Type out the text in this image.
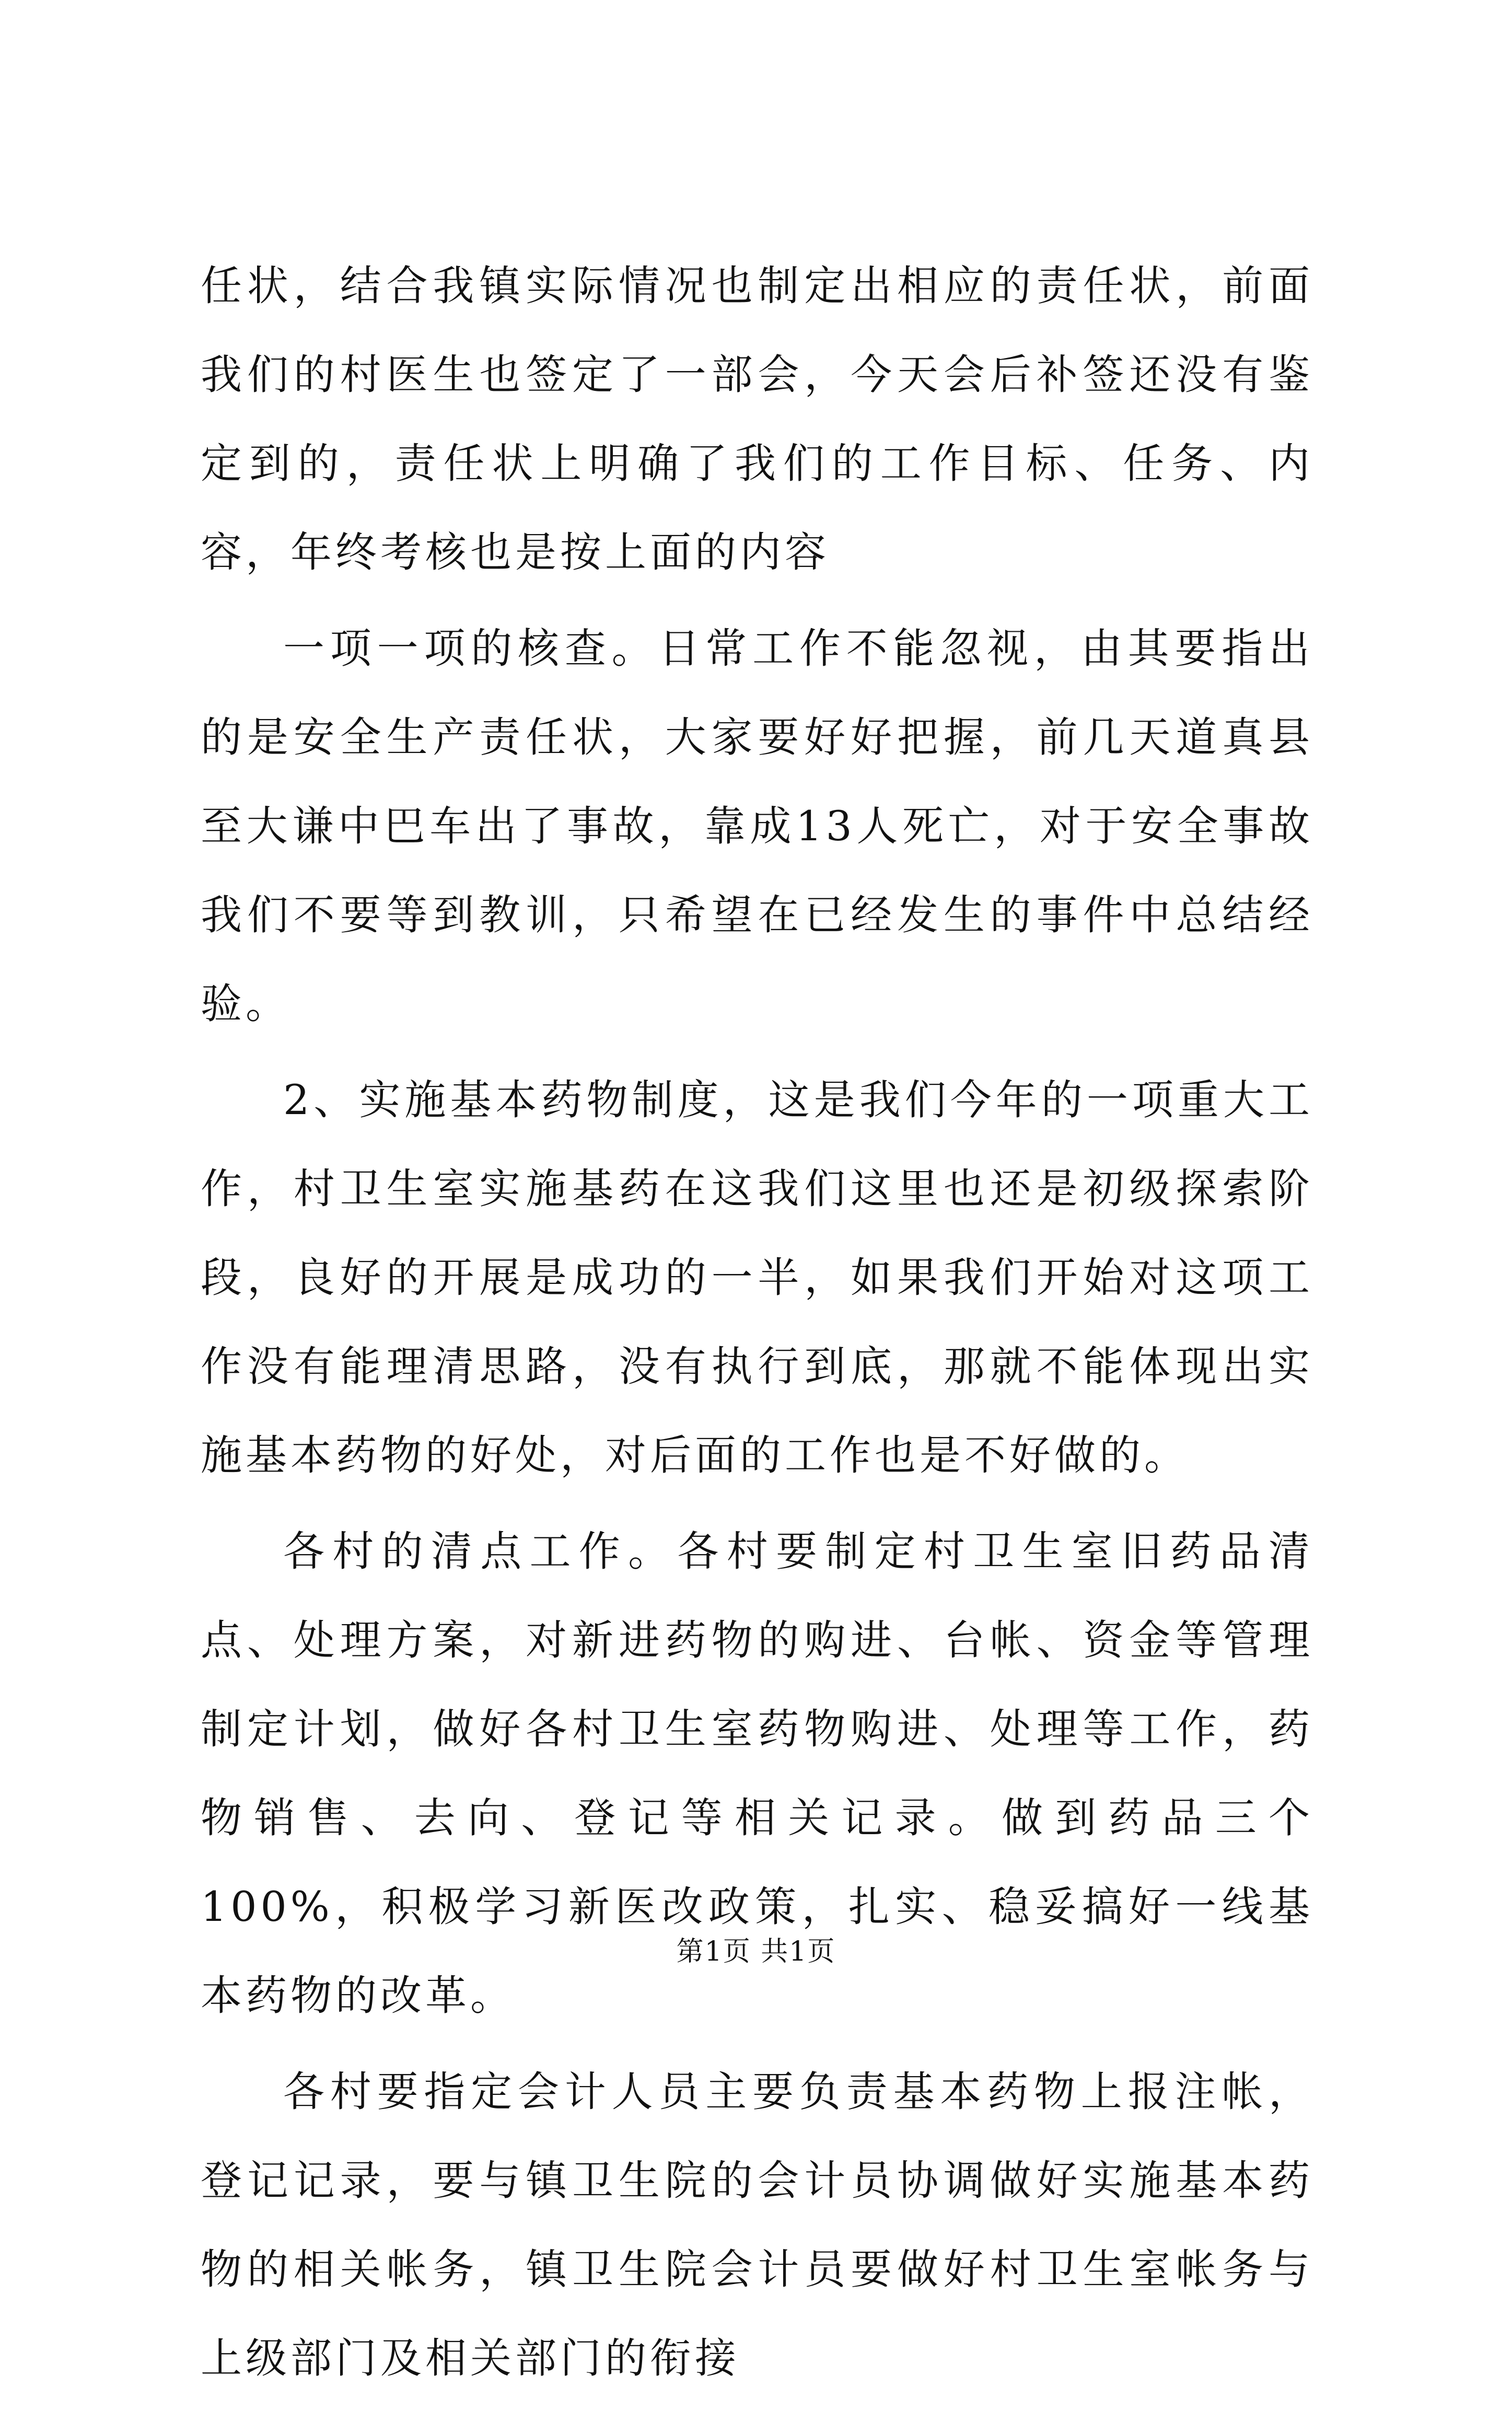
任状，结合我镇实际情况也制定出相应的责任状，前面我们的村医生也签定了一部会，今天会后补签还没有鉴定到的，责任状上明确了我们的工作目标、任务、内容，年终考核也是按上面的内容

一项一项的核查。日常工作不能忽视，由其要指出的是安全生产责任状，大家要好好把握，前几天道真县至大谦中巴车出了事故，靠成13人死亡，对于安全事故我们不要等到教训，只希望在已经发生的事件中总结经验。

2、实施基本药物制度，这是我们今年的一项重大工作，村卫生室实施基药在这我们这里也还是初级探索阶段，良好的开展是成功的一半，如果我们开始对这项工作没有能理清思路，没有执行到底，那就不能体现出实施基本药物的好处，对后面的工作也是不好做的。

各村的清点工作。各村要制定村卫生室旧药品清点、处理方案，对新进药物的购进、台帐、资金等管理制定计划，做好各村卫生室药物购进、处理等工作，药物销售、去向、登记等相关记录。做到药品三个100%，积极学习新医改政策，扎实、稳妥搞好一线基本药物的改革。

各村要指定会计人员主要负责基本药物上报注帐，登记记录，要与镇卫生院的会计员协调做好实施基本药物的相关帐务，镇卫生院会计员要做好村卫生室帐务与上级部门及相关部门的衔接

第1页 共1页
